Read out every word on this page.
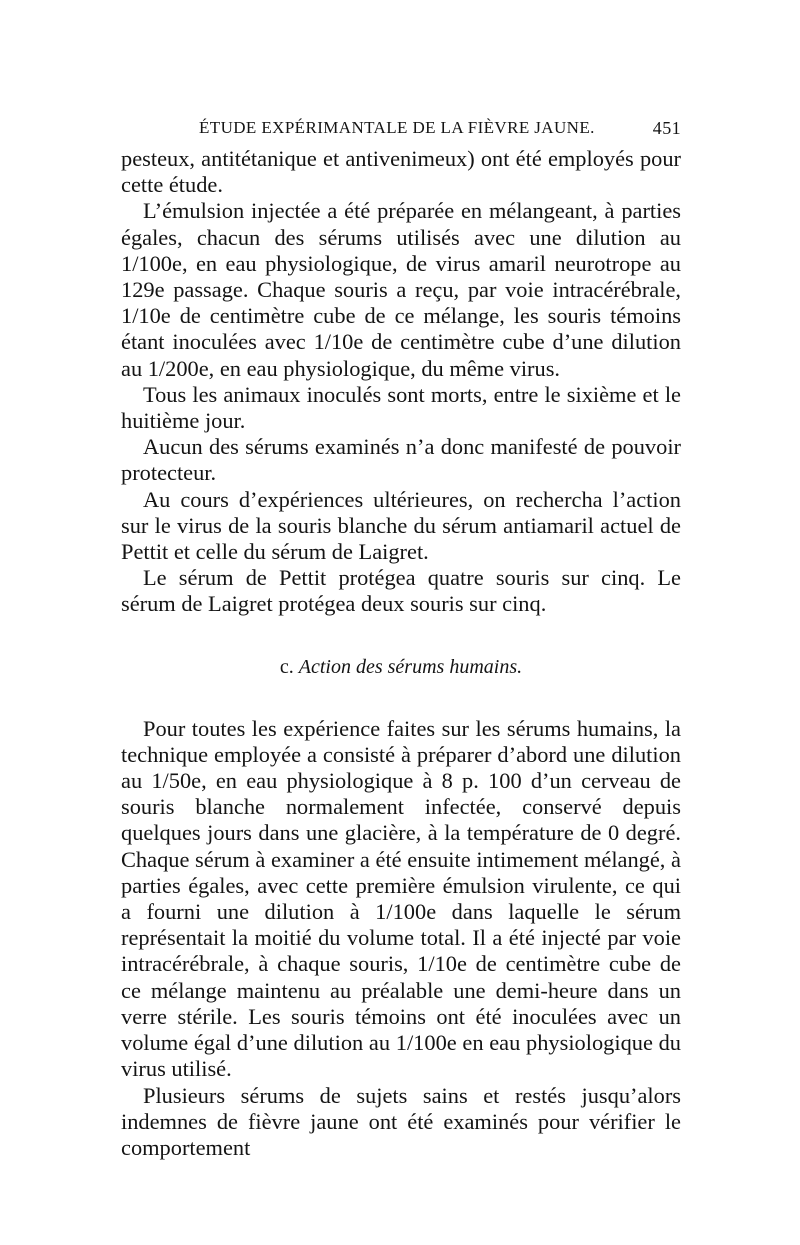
ÉTUDE EXPÉRIMANTALE DE LA FIÈVRE JAUNE.	451

pesteux, antitétanique et antivenimeux) ont été employés pour cette étude.

L’émulsion injectée a été préparée en mélangeant, à parties égales, chacun des sérums utilisés avec une dilution au 1/100e, en eau physiologique, de virus amaril neurotrope au 129e passage. Chaque souris a reçu, par voie intracérébrale, 1/10e de centimètre cube de ce mélange, les souris témoins étant inoculées avec 1/10e de centimètre cube d’une dilution au 1/200e, en eau physiologique, du même virus.

Tous les animaux inoculés sont morts, entre le sixième et le huitième jour.

Aucun des sérums examinés n’a donc manifesté de pouvoir protecteur.

Au cours d’expériences ultérieures, on rechercha l’action sur le virus de la souris blanche du sérum antiamaril actuel de Pettit et celle du sérum de Laigret.

Le sérum de Pettit protégea quatre souris sur cinq. Le sérum de Laigret protégea deux souris sur cinq.

c. Action des sérums humains.

Pour toutes les expérience faites sur les sérums humains, la technique employée a consisté à préparer d’abord une dilution au 1/50e, en eau physiologique à 8 p. 100 d’un cerveau de souris blanche normalement infectée, conservé depuis quelques jours dans une glacière, à la température de 0 degré. Chaque sérum à examiner a été ensuite intimement mélangé, à parties égales, avec cette première émulsion virulente, ce qui a fourni une dilution à 1/100e dans laquelle le sérum représentait la moitié du volume total. Il a été injecté par voie intracérébrale, à chaque souris, 1/10e de centimètre cube de ce mélange maintenu au préalable une demi-heure dans un verre stérile. Les souris témoins ont été inoculées avec un volume égal d’une dilution au 1/100e en eau physiologique du virus utilisé.

Plusieurs sérums de sujets sains et restés jusqu’alors indemnes de fièvre jaune ont été examinés pour vérifier le comportement
